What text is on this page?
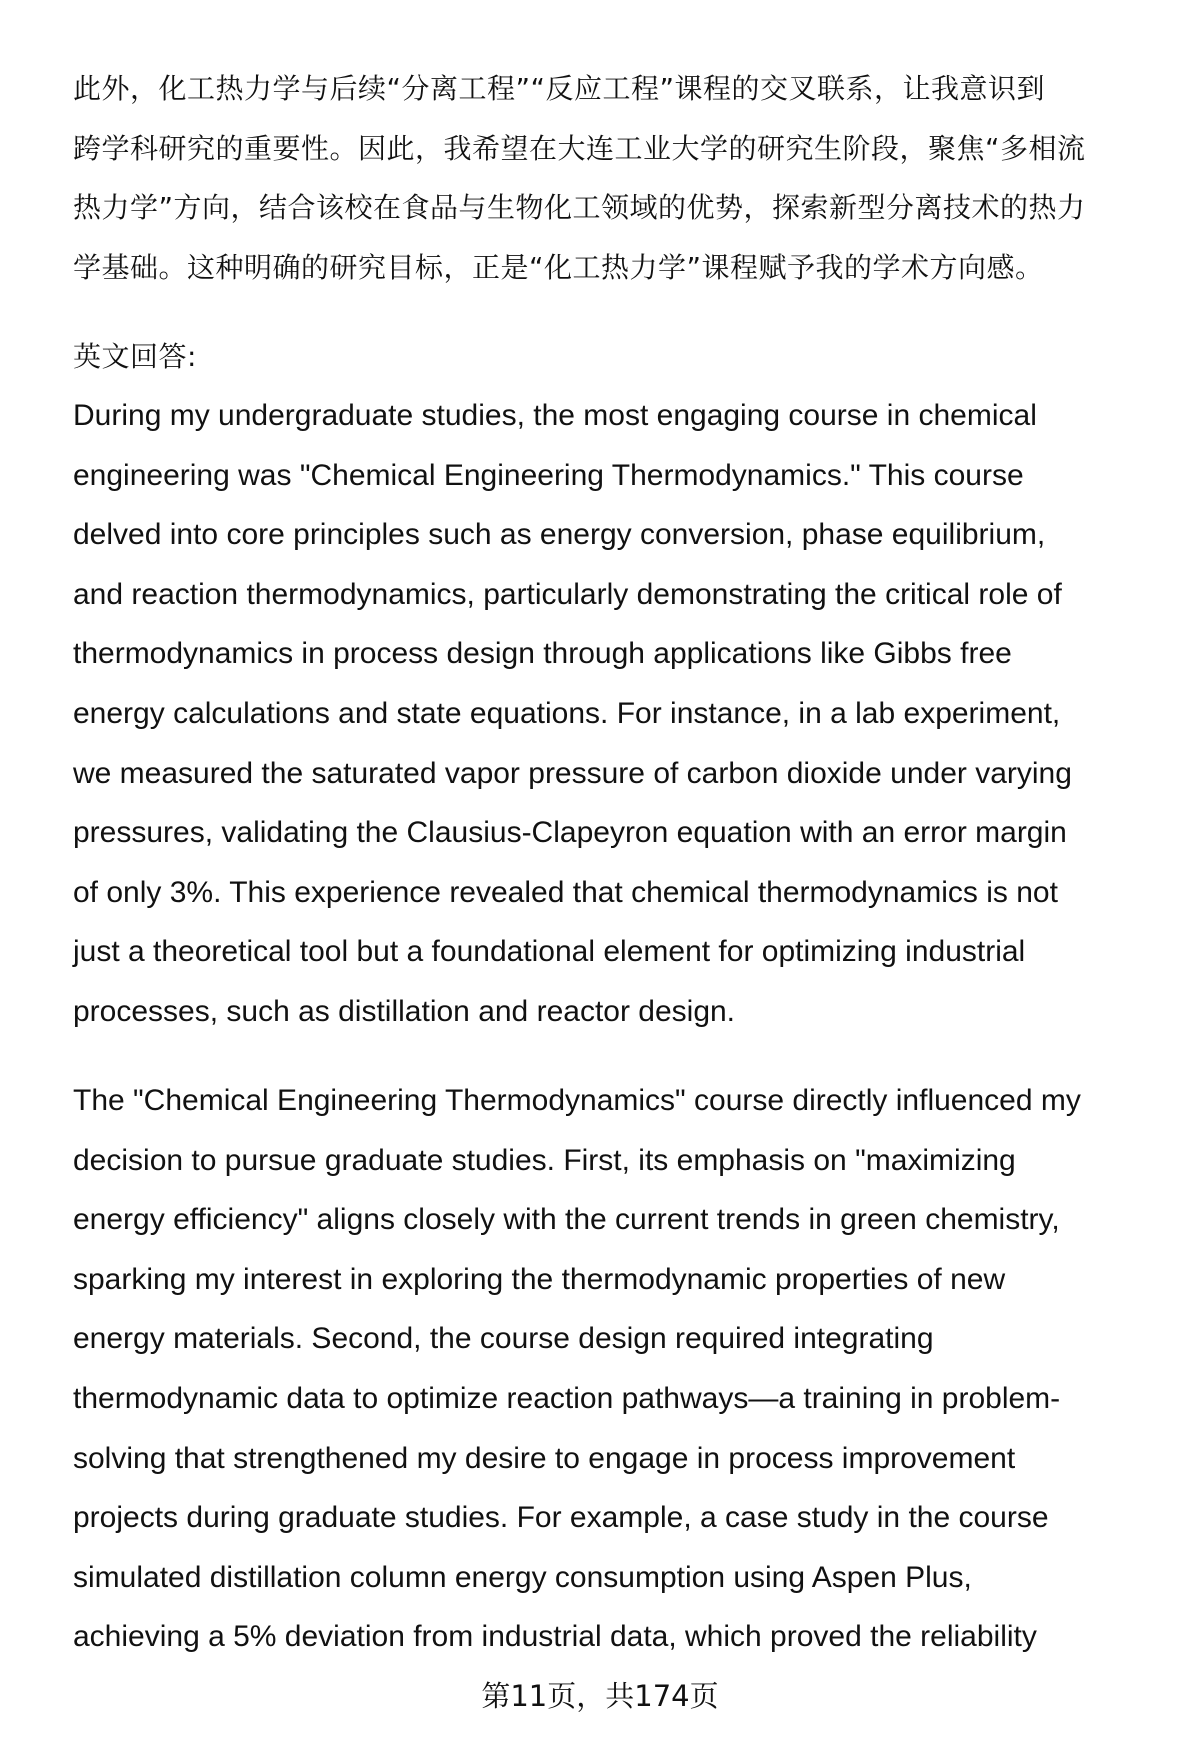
此外，化工热力学与后续“分离工程”“反应工程”课程的交叉联系，让我意识到
跨学科研究的重要性。因此，我希望在大连工业大学的研究生阶段，聚焦“多相流
热力学”方向，结合该校在食品与生物化工领域的优势，探索新型分离技术的热力
学基础。这种明确的研究目标，正是“化工热力学”课程赋予我的学术方向感。
英文回答:
During my undergraduate studies, the most engaging course in chemical
engineering was "Chemical Engineering Thermodynamics." This course
delved into core principles such as energy conversion, phase equilibrium,
and reaction thermodynamics, particularly demonstrating the critical role of
thermodynamics in process design through applications like Gibbs free
energy calculations and state equations. For instance, in a lab experiment,
we measured the saturated vapor pressure of carbon dioxide under varying
pressures, validating the Clausius-Clapeyron equation with an error margin
of only 3%. This experience revealed that chemical thermodynamics is not
just a theoretical tool but a foundational element for optimizing industrial
processes, such as distillation and reactor design.
The "Chemical Engineering Thermodynamics" course directly influenced my
decision to pursue graduate studies. First, its emphasis on "maximizing
energy efficiency" aligns closely with the current trends in green chemistry,
sparking my interest in exploring the thermodynamic properties of new
energy materials. Second, the course design required integrating
thermodynamic data to optimize reaction pathways—a training in problem-
solving that strengthened my desire to engage in process improvement
projects during graduate studies. For example, a case study in the course
simulated distillation column energy consumption using Aspen Plus,
achieving a 5% deviation from industrial data, which proved the reliability
第11页，共174页
